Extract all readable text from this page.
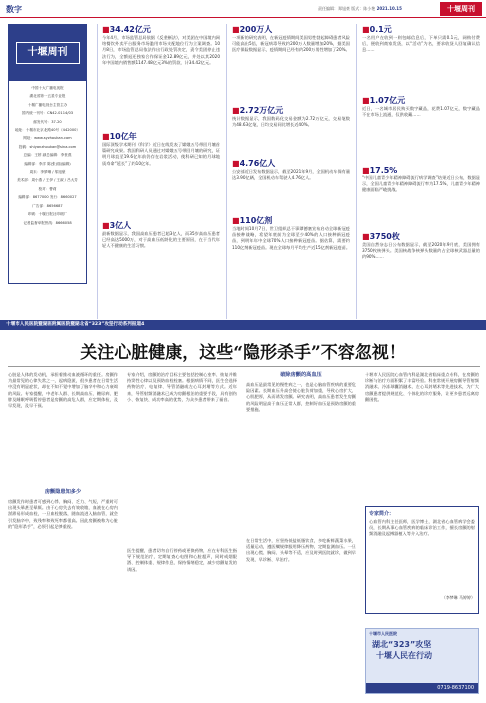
数字	责任编辑：郑旭豪 版式：陈小艳 2021.10.15	十堰周刊
十堰周刊
中国十大广播电视报
湖北省第一五星专业报
十堰广播电视台主管主办
国内统一刊号：CN42-0114/03
邮发代号：37-20
地址：十堰市北京北路40号（442000）
网址：www.syzhoukan.com
投稿：shiyanzhoukan@sina.com
总编：王婷 副总编辑：李世燕
编辑部：李洋 陈(张)瑞(编辑)
周末：李梦琳 / 邬旭豪
美术部：周小燕 / 王伊 / 王淑 / 吕大芳
校对：曹莉
编辑部：8677000 发行：8660027
广告部：8656687
印刷：十堰日报社印刷厂
记者监督举报热线：8666058
■34.42亿元

今年4月，市场监管总局依据《反垄断法》，对美团在中国境内网络餐饮外卖平台服务市场滥用市场支配地位行为立案调查。10月8日，市场监管总局依法作出行政处罚决定，责令美团停止违法行为，全额退还独家合作保证金12.89亿元，并处以其2020年中国境内销售额1147.48亿元3%的罚款，计34.42亿元。

■10亿年

国际顶级学术期刊《科学》近日在线发表了嫦娥五号带回月壤首篇研究成果。我国科研人员通过对嫦娥五号带回月壤的研究，证明月球直至19.6亿年前仍存在岩浆活动，使科研已知的月球地质寿命“延长”了约10亿年。

■3亿人

最新数据显示，我国高血压患者已超3亿人，而35岁高血压患者已经高达5000万，对于高血压低龄化的主要原因，在于当代年轻人不健康的生活习惯。

■200万人

一项新的研究表明，在新冠疫情期间美国男性勃起障碍患者风险可能高出5倍，新冠病毒导致约200万人数量增加20%，据美国医疗保险数据显示，疫情期间已经有约200万男性增加了20%。

■2.72万亿元

统计数据显示，我国数码化交易金额为2.72万亿元，交易笔数为48.63亿笔，日均交易同比增长近40%。

■4.76亿人

公安部近日发布数据显示，截至2021年9月，全国机动车保有量达3.90亿辆，全国机动车驾驶人4.76亿人。

■110亿剂

当地时间10月7日，世卫组织总干事谭德塞宣布启动全球新冠疫苗接种战略，希望年底前为全球至少40%的人口接种新冠疫苗，到明年年中全球70%人口接种新冠疫苗。据估算，需要约110亿剂新冠疫苗。现在全球每月平均生产近15亿剂新冠疫苗。

■0.1元

一名用户在收到一则包邮信息后，下单只需0.1元，网购付费后，便收到商家发货，以“活动”为名，要求收货人回复确认信息……

■1.07亿元

近日，一名城市居民购买数字藏品，花费1.07亿元，数字藏品不在市场上流通，仅供收藏……

■17.5%

“中国儿童青少年精神障碍流行病学调查”结果近日公布，数据显示，全国儿童青少年精神障碍流行率为17.5%，儿童青少年精神健康面临严峻挑战。

■3750枚

美国自然杂志日公布数据显示，截至2020年9月底，美国拥有3750枚核弹头。美国核战争核弹头数量约占全球核武器总量的约90%……

十堰市人民医院暨湖医附属医院暨湖北省“323”攻坚行动系列报道4
关注心脏健康，这些“隐形杀手”不容忽视！

心脏是人体的发动机，承担着推动血液循环的重任。房颤作为最常见的心律失常之一，起病隐匿，很多患者在日常生活中没有明显症状，却在不知不觉中增加了脑卒中和心力衰竭的风险。专家提醒，中老年人群、长期高血压、糖尿病、肥胖及睡眠呼吸暂停患者是房颤的高危人群，应定期体检，及早发现，及早干预。

房颤隐患知多少

房颤发作时患者可感到心悸、胸闷、乏力、气短，严重时可出现头晕甚至晕厥。由于心房失去有效收缩，血液在心房内淤滞易形成血栓，一旦血栓脱落，随血流进入脑血管，就会引发脑卒中，致残率和致死率都很高。因此房颤被称为心脏的“隐形杀手”，必须引起足够重视。

专家介绍，房颤的治疗目标主要包括控制心室率、恢复并维持窦性心律以及预防血栓栓塞。根据病情不同，医生会选择药物治疗、电复律、导管消融或左心耳封堵等方式。近年来，导管射频消融术已成为房颤根治的重要手段，具有创伤小、恢复快、成功率高的优势，为众多患者带来了福音。

医生提醒，患者切勿自行停药或更换药物，应在专科医生指导下规范治疗，定期复查心电图和心脏超声，同时戒烟限酒、控制体重、规律作息、保持情绪稳定，减少房颤复发的诱因。

破除房颤的高血压

高血压是最常见的慢性病之一，也是心脑血管疾病的重要危险因素。长期血压升高会使心脏负荷加重，导致心房扩大、心肌肥厚，从而诱发房颤。研究表明，高血压患者发生房颤的风险明显高于血压正常人群，控制好血压是预防房颤的重要措施。

在日常生活中，应坚持低盐低脂饮食，多吃新鲜蔬菜水果，适量运动，遵医嘱规律服用降压药物，定期监测血压。一旦出现心慌、胸闷、头晕等不适，应及时到医院就诊，做到早发现、早诊断、早治疗。

十堰市人民医院心血管内科是湖北省临床重点专科，在房颤的诊断与治疗方面积累了丰富经验。科室常规开展房颤导管射频消融术、冷冻球囊消融术、左心耳封堵术等先进技术，为广大房颤患者提供规范化、个体化的诊疗服务，让更多患者远离房颤困扰。

专家简介：

心血管内科主任医师，医学博士，湖北省心血管病学会委员，长期从事心血管疾病的临床诊治工作，擅长房颤的射频消融及起搏器植入等介入治疗。

（李梦琳 马婷婷）
十堰市人民医院
湖北“323”攻坚
十堰人民在行动
0719-8637100
